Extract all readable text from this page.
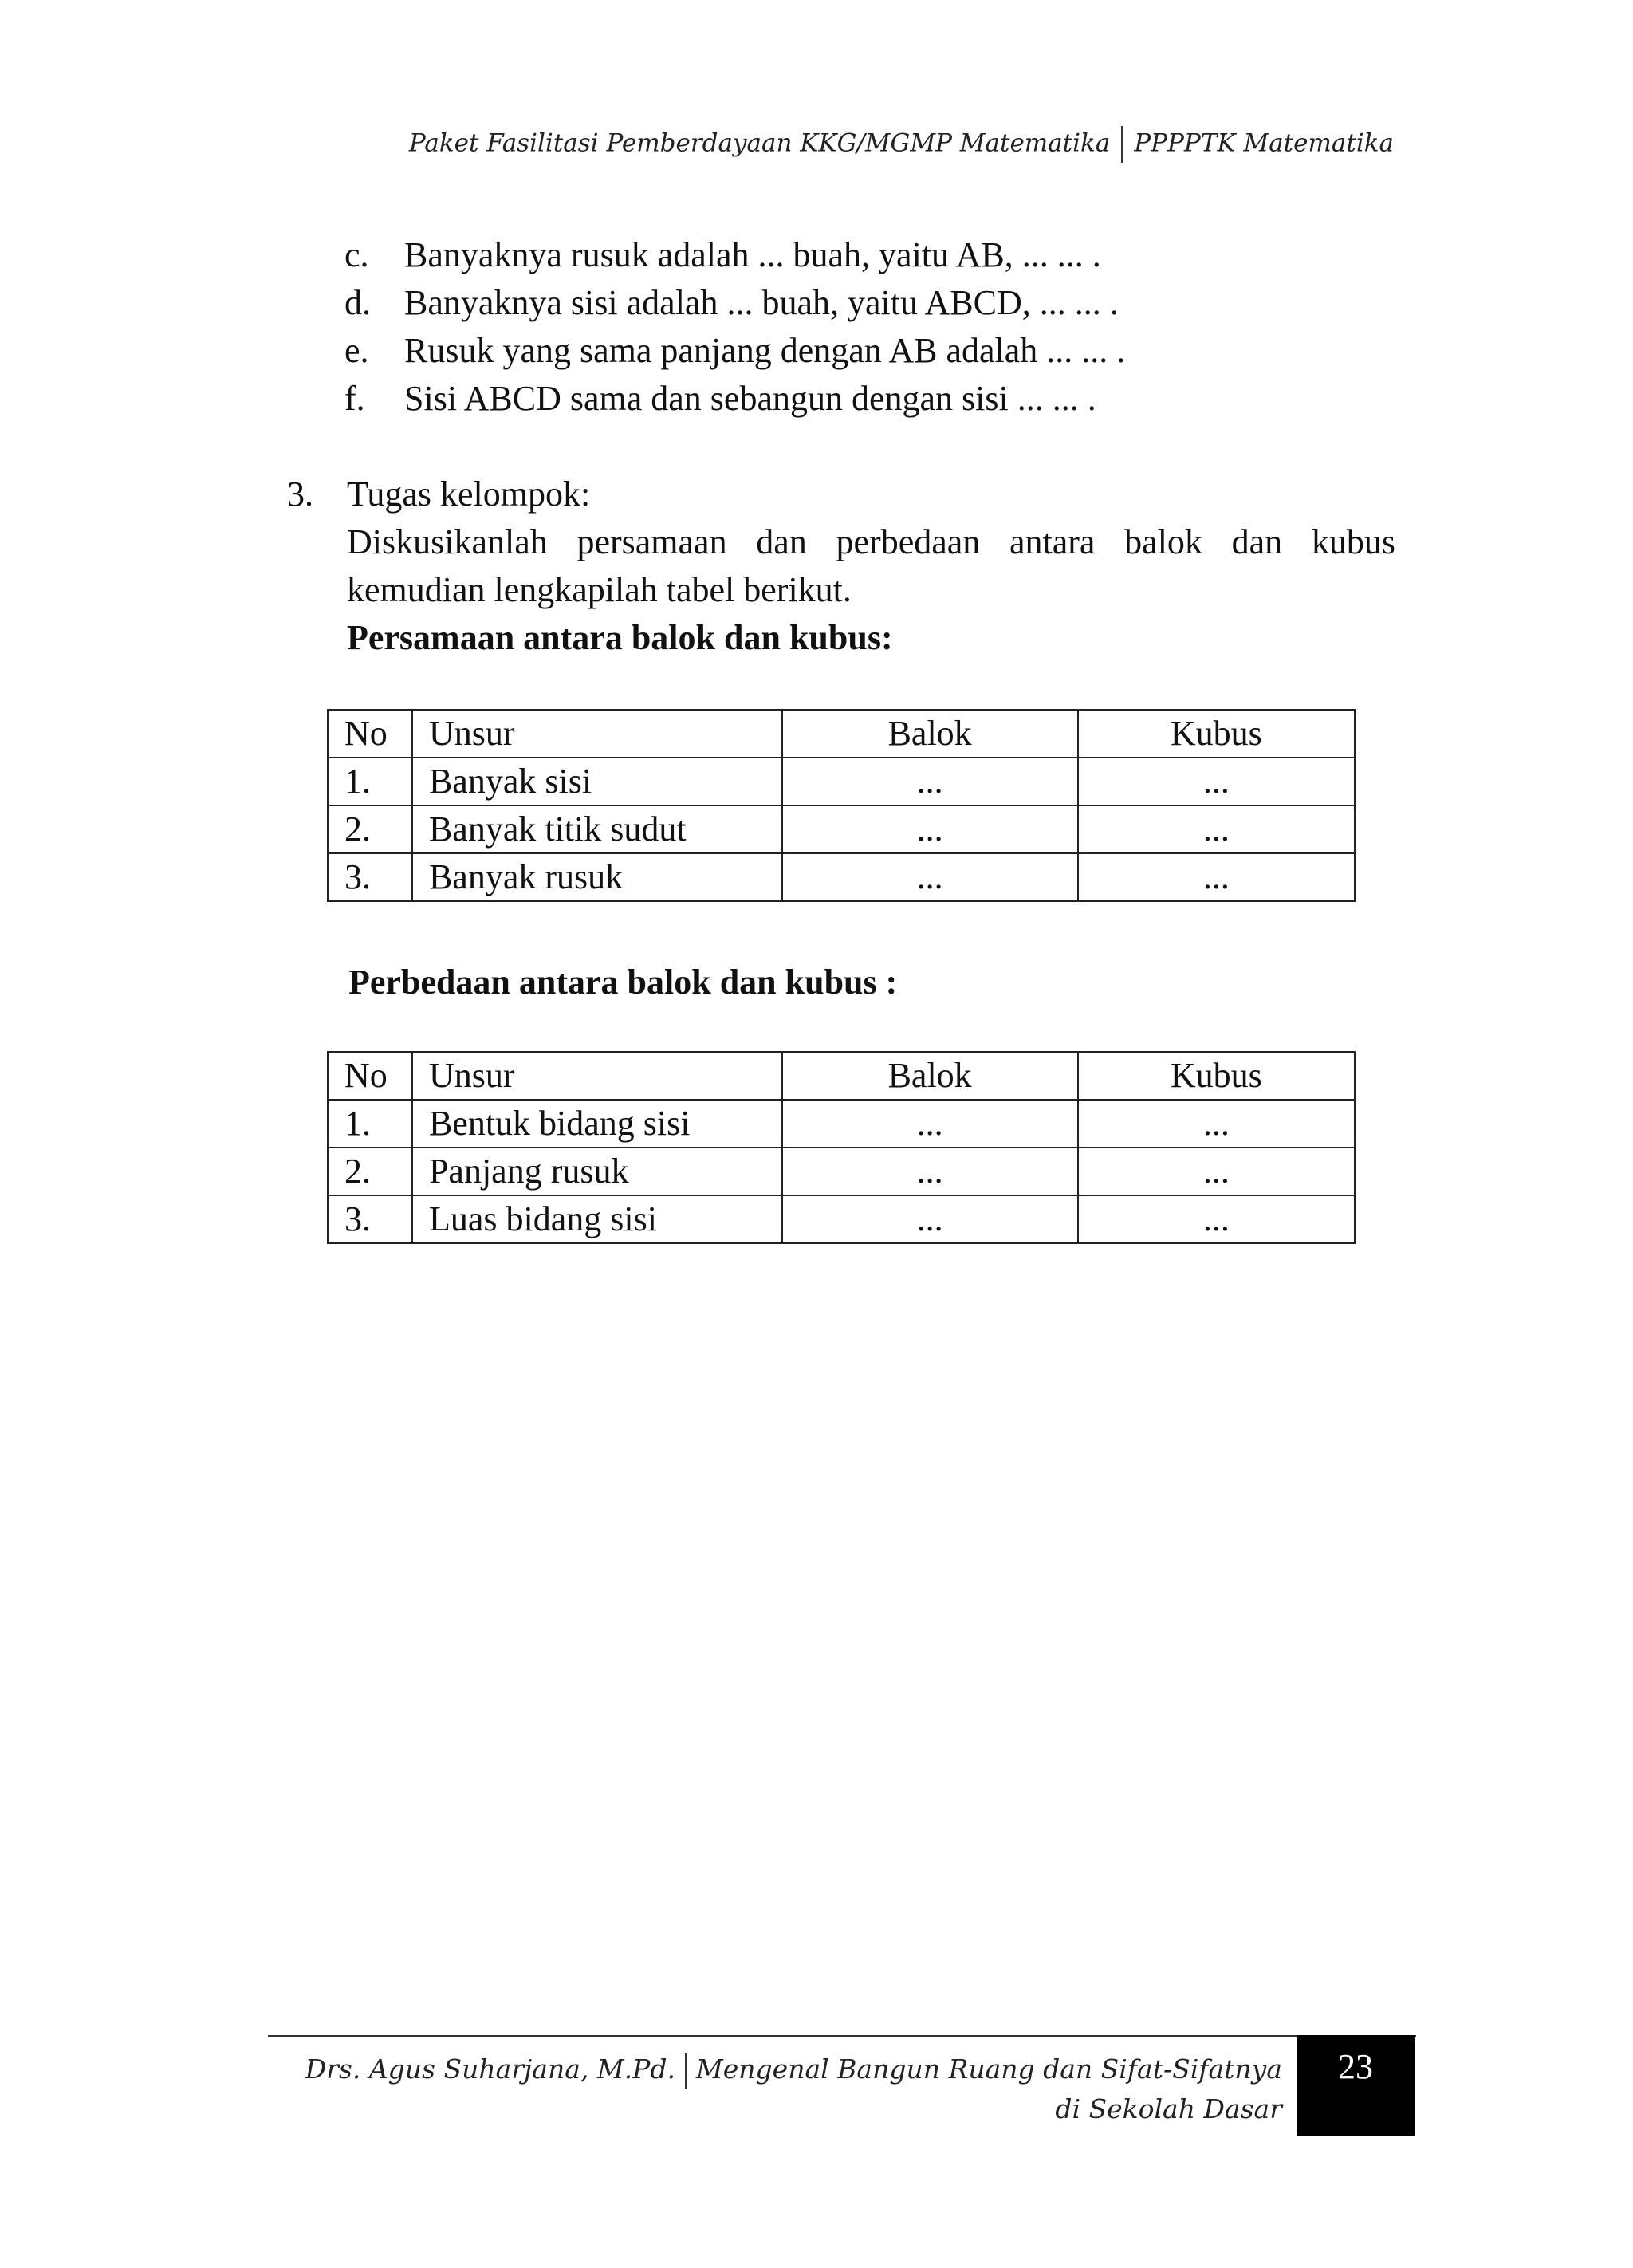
Paket Fasilitasi Pemberdayaan KKG/MGMP Matematika PPPPTK Matematika
c.	Banyaknya rusuk adalah ... buah, yaitu AB, ... ... .
d. Banyaknya sisi adalah ... buah, yaitu ABCD, ... ... .
e.	Rusuk yang sama panjang dengan AB adalah ... ... .
f.	Sisi ABCD sama dan sebangun dengan sisi ... ... .
3. Tugas kelompok:
Diskusikanlah persamaan dan perbedaan antara balok dan kubus kemudian lengkapilah tabel berikut.
Persamaan antara balok dan kubus:
No	Unsur	Balok	Kubus
1.	Banyak sisi	...	...
2.	Banyak titik sudut	...	...
3.	Banyak rusuk	...	...
Perbedaan antara balok dan kubus :
No	Unsur	Balok	Kubus
1.	Bentuk bidang sisi	...	...
2.	Panjang rusuk	...	...
3.	Luas bidang sisi	...	...
Drs. Agus Suharjana, M.Pd. Mengenal Bangun Ruang dan Sifat-Sifatnya
di Sekolah Dasar
23
